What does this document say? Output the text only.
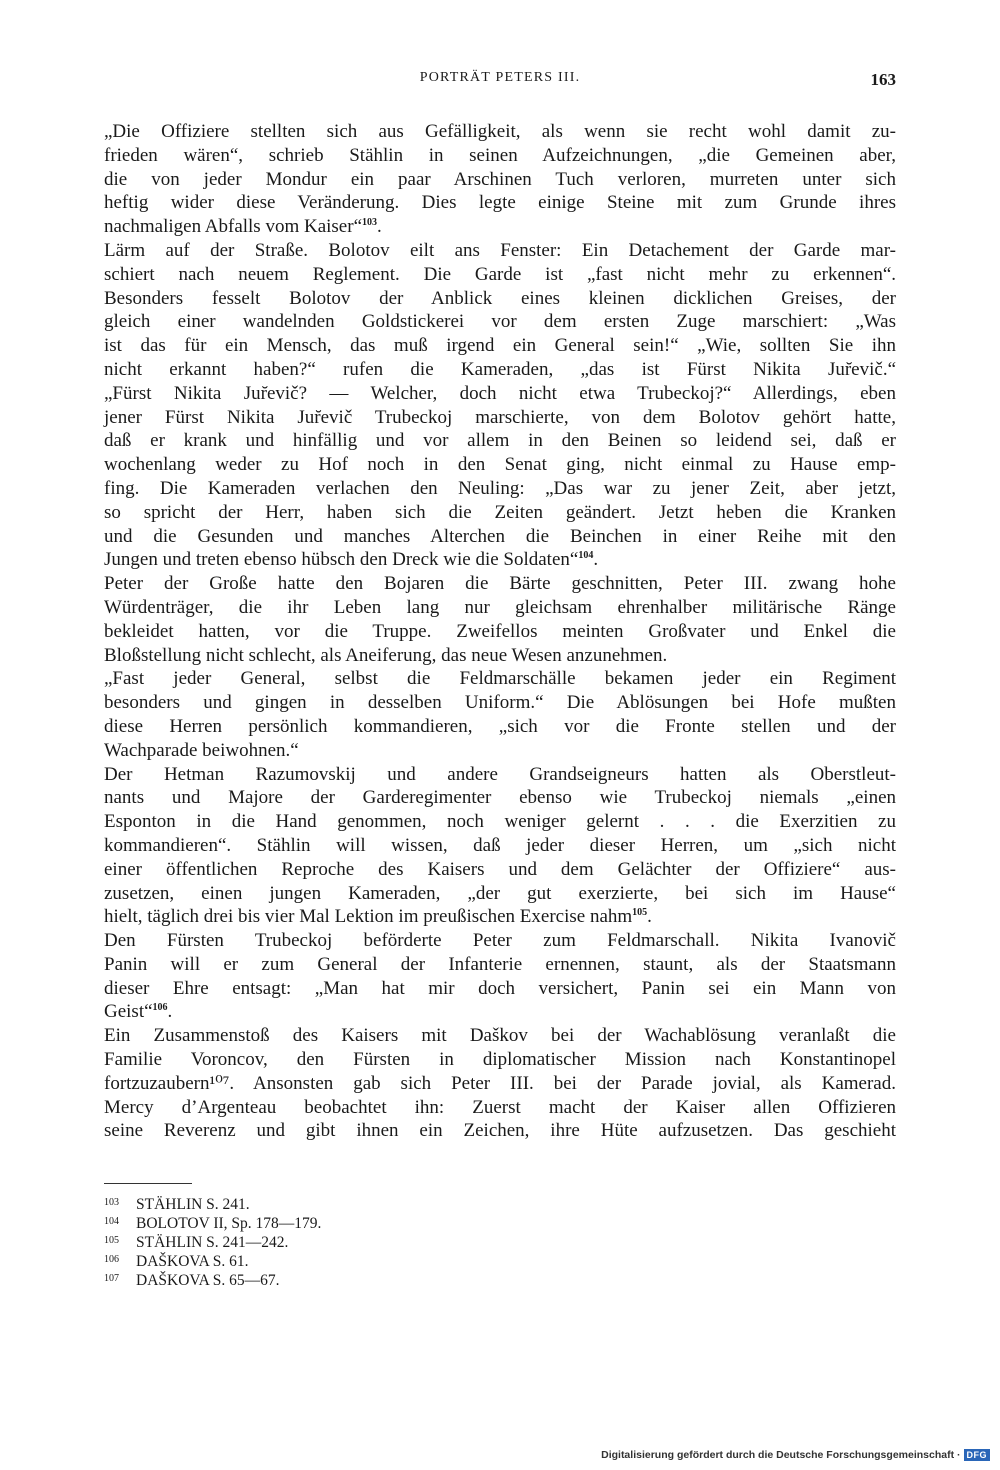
PORTRÄT PETERS III.	163

„Die Offiziere stellten sich aus Gefälligkeit, als wenn sie recht wohl damit zu-
frieden wären“, schrieb Stählin in seinen Aufzeichnungen, „die Gemeinen aber,
die von jeder Mondur ein paar Arschinen Tuch verloren, murreten unter sich
heftig wider diese Veränderung. Dies legte einige Steine mit zum Grunde ihres
nachmaligen Abfalls vom Kaiser“$^{103}$.

Lärm auf der Straße. Bolotov eilt ans Fenster: Ein Detachement der Garde mar-
schiert nach neuem Reglement. Die Garde ist „fast nicht mehr zu erkennen“.
Besonders fesselt Bolotov der Anblick eines kleinen dicklichen Greises, der
gleich einer wandelnden Goldstickerei vor dem ersten Zuge marschiert: „Was
ist das für ein Mensch, das muß irgend ein General sein!“ „Wie, sollten Sie ihn
nicht erkannt haben?“ rufen die Kameraden, „das ist Fürst Nikita Jur̆evič.“
„Fürst Nikita Jur̆evič? — Welcher, doch nicht etwa Trubeckoj?“ Allerdings, eben
jener Fürst Nikita Jur̆evič Trubeckoj marschierte, von dem Bolotov gehört hatte,
daß er krank und hinfällig und vor allem in den Beinen so leidend sei, daß er
wochenlang weder zu Hof noch in den Senat ging, nicht einmal zu Hause emp-
fing. Die Kameraden verlachen den Neuling: „Das war zu jener Zeit, aber jetzt,
so spricht der Herr, haben sich die Zeiten geändert. Jetzt heben die Kranken
und die Gesunden und manches Alterchen die Beinchen in einer Reihe mit den
Jungen und treten ebenso hübsch den Dreck wie die Soldaten“$^{104}$.

Peter der Große hatte den Bojaren die Bärte geschnitten, Peter III. zwang hohe
Würdenträger, die ihr Leben lang nur gleichsam ehrenhalber militärische Ränge
bekleidet hatten, vor die Truppe. Zweifellos meinten Großvater und Enkel die
Bloßstellung nicht schlecht, als Aneiferung, das neue Wesen anzunehmen.

„Fast jeder General, selbst die Feldmarschälle bekamen jeder ein Regiment
besonders und gingen in desselben Uniform.“ Die Ablösungen bei Hofe mußten
diese Herren persönlich kommandieren, „sich vor die Fronte stellen und der
Wachparade beiwohnen.“

Der Hetman Razumovskij und andere Grandseigneurs hatten als Oberstleut-
nants und Majore der Garderegimenter ebenso wie Trubeckoj niemals „einen
Esponton in die Hand genommen, noch weniger gelernt . . . die Exerzitien zu
kommandieren“. Stählin will wissen, daß jeder dieser Herren, um „sich nicht
einer öffentlichen Reproche des Kaisers und dem Gelächter der Offiziere“ aus-
zusetzen, einen jungen Kameraden, „der gut exerzierte, bei sich im Hause“
hielt, täglich drei bis vier Mal Lektion im preußischen Exercise nahm$^{105}$.

Den Fürsten Trubeckoj beförderte Peter zum Feldmarschall. Nikita Ivanovič
Panin will er zum General der Infanterie ernennen, staunt, als der Staatsmann
dieser Ehre entsagt: „Man hat mir doch versichert, Panin sei ein Mann von
Geist“$^{106}$.

Ein Zusammenstoß des Kaisers mit Daškov bei der Wachablösung veranlaßt die
Familie Voroncov, den Fürsten in diplomatischer Mission nach Konstantinopel
fortzuzaubern¹⁰⁷. Ansonsten gab sich Peter III. bei der Parade jovial, als Kamerad.
Mercy d’Argenteau beobachtet ihn: Zuerst macht der Kaiser allen Offizieren
seine Reverenz und gibt ihnen ein Zeichen, ihre Hüte aufzusetzen. Das geschieht

103 STÄHLIN S. 241.
104 BOLOTOV II, Sp. 178—179.
105 STÄHLIN S. 241—242.
106 DAŠKOVA S. 61.
107 DAŠKOVA S. 65—67.
Digitalisierung gefördert durch die Deutsche Forschungsgemeinschaft · DFG
